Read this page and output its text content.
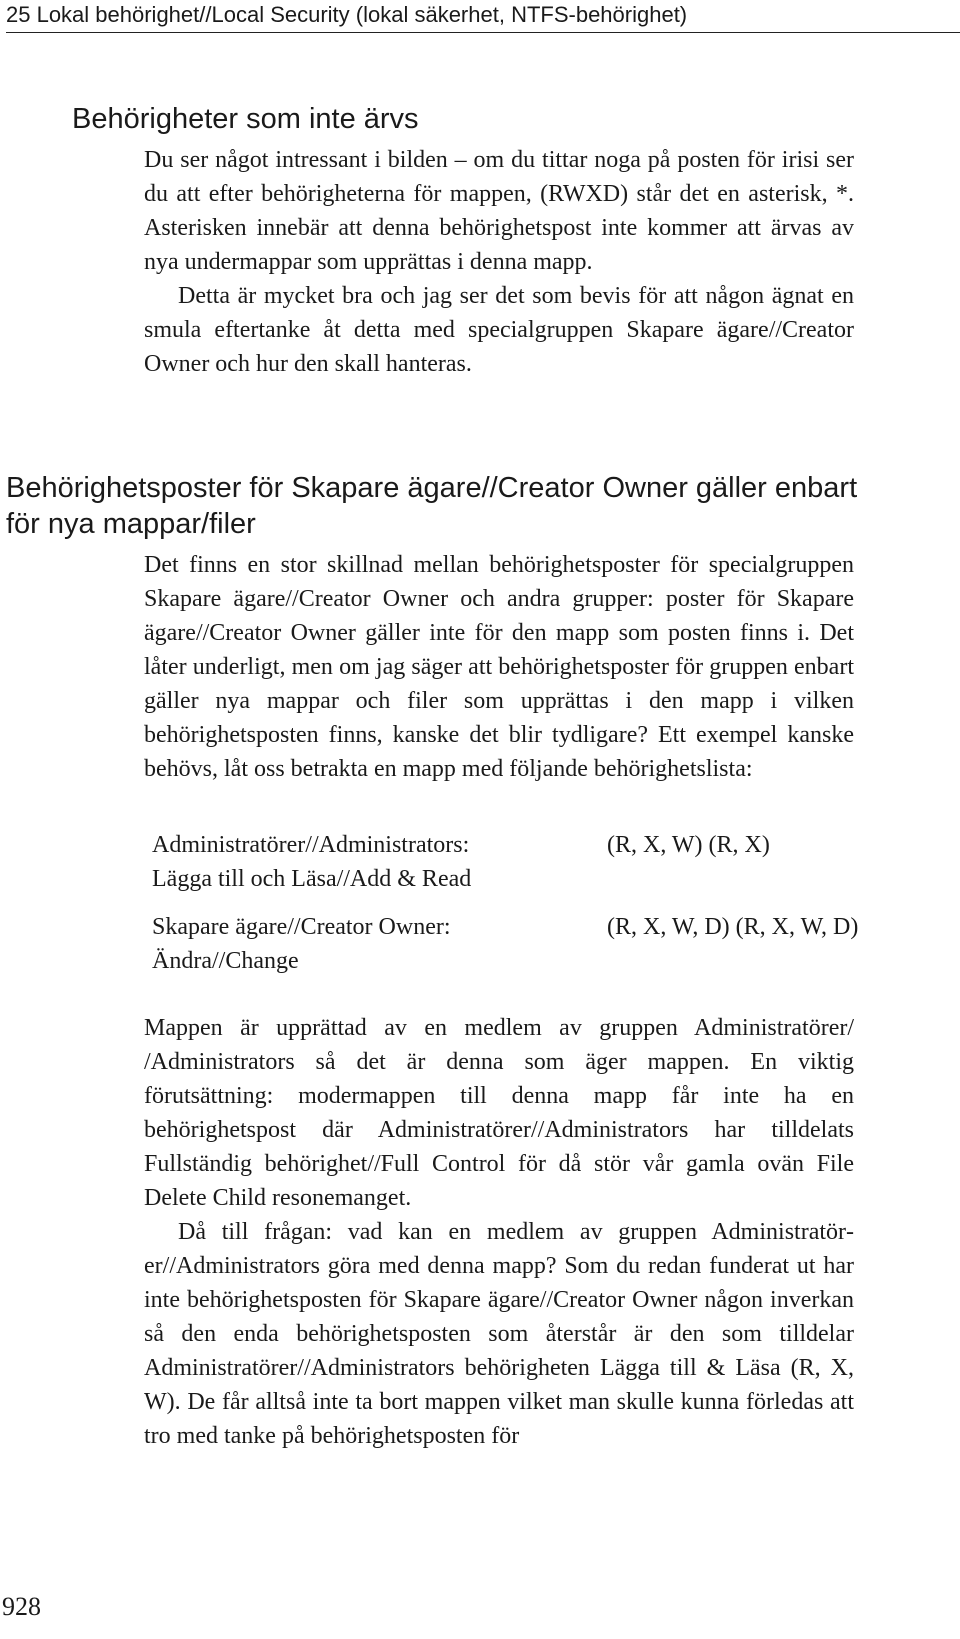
25 Lokal behörighet//Local Security (lokal säkerhet, NTFS-behörighet)
Behörigheter som inte ärvs

Du ser något intressant i bilden – om du tittar noga på posten för irisi ser du att efter behörigheterna för mappen, (RWXD) står det en asterisk, *. Asterisken innebär att denna behörighetspost inte kommer att ärvas av nya undermappar som upprättas i denna mapp.

Detta är mycket bra och jag ser det som bevis för att någon ägnat en smula eftertanke åt detta med specialgruppen Skapare ägare//Creator Owner och hur den skall hanteras.

Behörighetsposter för Skapare ägare//Creator Owner gäller enbart för nya mappar/filer

Det finns en stor skillnad mellan behörighetsposter för specialgruppen Skapare ägare//Creator Owner och andra grupper: poster för Skapare ägare//Creator Owner gäller inte för den mapp som posten finns i. Det låter underligt, men om jag säger att behörighetsposter för gruppen enbart gäller nya mappar och filer som upprättas i den mapp i vilken behörighetsposten finns, kanske det blir tydligare? Ett exempel kanske behövs, låt oss betrakta en mapp med följande behörighetslista:

Administratörer//Administrators:
Lägga till och Läsa//Add & Read
(R, X, W) (R, X)
Skapare ägare//Creator Owner:
Ändra//Change
(R, X, W, D) (R, X, W, D)

Mappen är upprättad av en medlem av gruppen Administratörer/ /Administrators så det är denna som äger mappen. En viktig förutsättning: modermappen till denna mapp får inte ha en behörighetspost där Administratörer//Administrators har tilldelats Fullständig behörighet//Full Control för då stör vår gamla ovän File Delete Child resonemanget.

Då till frågan: vad kan en medlem av gruppen Administratörer//Administrators göra med denna mapp? Som du redan funderat ut har inte behörighetsposten för Skapare ägare//Creator Owner någon inverkan så den enda behörighetsposten som återstår är den som tilldelar Administratörer//Administrators behörigheten Lägga till & Läsa (R, X, W). De får alltså inte ta bort mappen vilket man skulle kunna förledas att tro med tanke på behörighetsposten för

928
